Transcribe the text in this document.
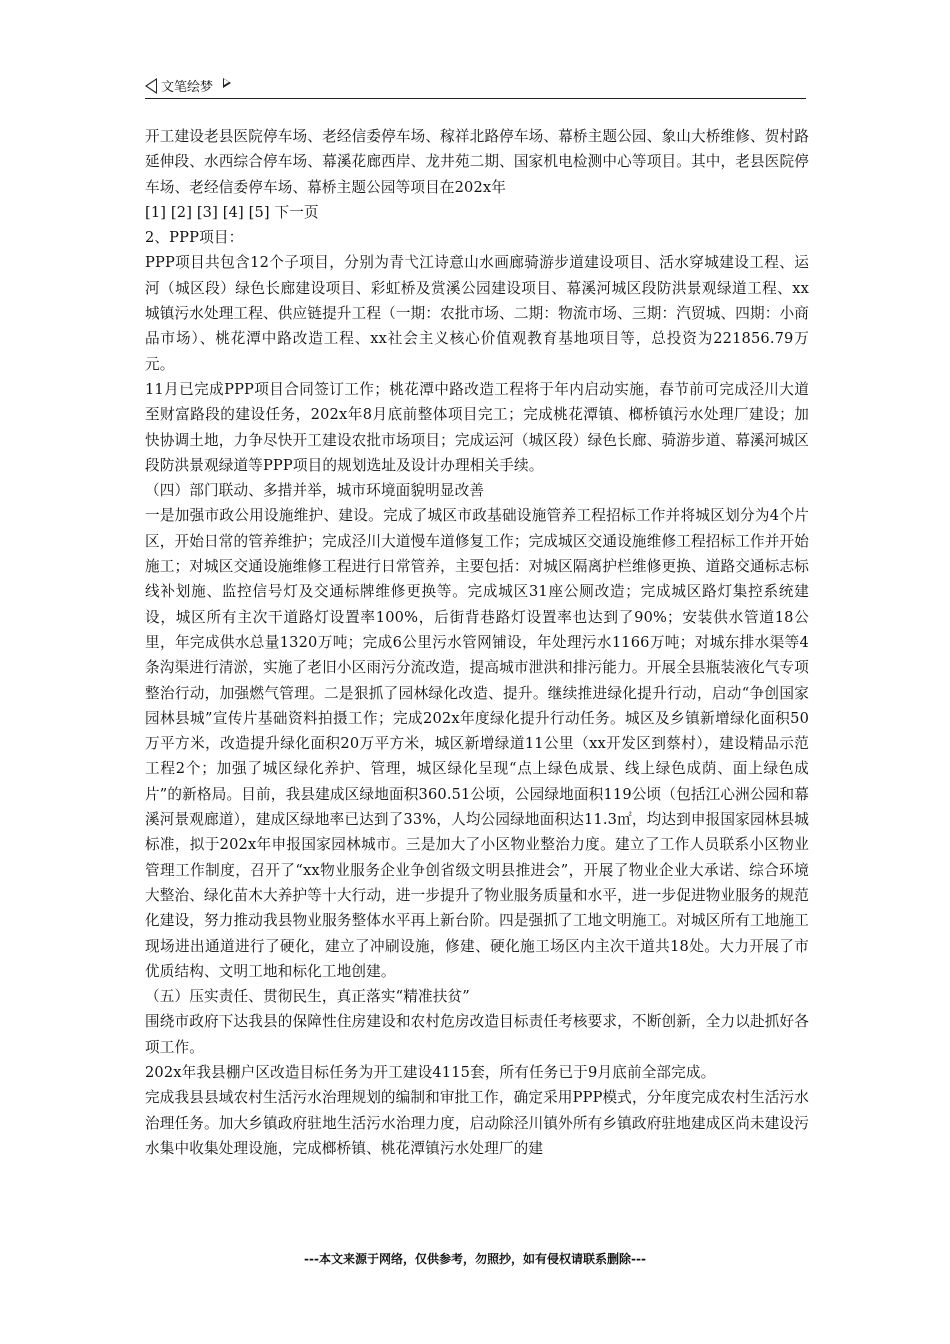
文笔绘梦

开工建设老县医院停车场、老经信委停车场、稼祥北路停车场、幕桥主题公园、象山大桥维修、贺村路延伸段、水西综合停车场、幕溪花廊西岸、龙井苑二期、国家机电检测中心等项目。其中，老县医院停车场、老经信委停车场、幕桥主题公园等项目在202x年

[1] [2] [3] [4] [5] 下一页

2、PPP项目：

PPP项目共包含12个子项目，分别为青弋江诗意山水画廊骑游步道建设项目、活水穿城建设工程、运河（城区段）绿色长廊建设项目、彩虹桥及赏溪公园建设项目、幕溪河城区段防洪景观绿道工程、xx城镇污水处理工程、供应链提升工程（一期：农批市场、二期：物流市场、三期：汽贸城、四期：小商品市场）、桃花潭中路改造工程、xx社会主义核心价值观教育基地项目等，总投资为221856.79万元。

11月已完成PPP项目合同签订工作；桃花潭中路改造工程将于年内启动实施，春节前可完成泾川大道至财富路段的建设任务，202x年8月底前整体项目完工；完成桃花潭镇、榔桥镇污水处理厂建设；加快协调土地，力争尽快开工建设农批市场项目；完成运河（城区段）绿色长廊、骑游步道、幕溪河城区段防洪景观绿道等PPP项目的规划选址及设计办理相关手续。

（四）部门联动、多措并举，城市环境面貌明显改善

一是加强市政公用设施维护、建设。完成了城区市政基础设施管养工程招标工作并将城区划分为4个片区，开始日常的管养维护；完成泾川大道慢车道修复工作；完成城区交通设施维修工程招标工作并开始施工；对城区交通设施维修工程进行日常管养，主要包括：对城区隔离护栏维修更换、道路交通标志标线补划施、监控信号灯及交通标牌维修更换等。完成城区31座公厕改造；完成城区路灯集控系统建设，城区所有主次干道路灯设置率100%，后街背巷路灯设置率也达到了90%；安装供水管道18公里，年完成供水总量1320万吨；完成6公里污水管网铺设，年处理污水1166万吨；对城东排水渠等4条沟渠进行清淤，实施了老旧小区雨污分流改造，提高城市泄洪和排污能力。开展全县瓶装液化气专项整治行动，加强燃气管理。二是狠抓了园林绿化改造、提升。继续推进绿化提升行动，启动“争创国家园林县城”宣传片基础资料拍摄工作；完成202x年度绿化提升行动任务。城区及乡镇新增绿化面积50万平方米，改造提升绿化面积20万平方米，城区新增绿道11公里（xx开发区到蔡村），建设精品示范工程2个；加强了城区绿化养护、管理，城区绿化呈现“点上绿色成景、线上绿色成荫、面上绿色成片”的新格局。目前，我县建成区绿地面积360.51公顷，公园绿地面积119公顷（包括江心洲公园和幕溪河景观廊道），建成区绿地率已达到了33%，人均公园绿地面积达11.3㎡，均达到申报国家园林县城标准，拟于202x年申报国家园林城市。三是加大了小区物业整治力度。建立了工作人员联系小区物业管理工作制度，召开了“xx物业服务企业争创省级文明县推进会”，开展了物业企业大承诺、综合环境大整治、绿化苗木大养护等十大行动，进一步提升了物业服务质量和水平，进一步促进物业服务的规范化建设，努力推动我县物业服务整体水平再上新台阶。四是强抓了工地文明施工。对城区所有工地施工现场进出通道进行了硬化，建立了冲刷设施，修建、硬化施工场区内主次干道共18处。大力开展了市优质结构、文明工地和标化工地创建。

（五）压实责任、贯彻民生，真正落实“精准扶贫”

围绕市政府下达我县的保障性住房建设和农村危房改造目标责任考核要求，不断创新，全力以赴抓好各项工作。

202x年我县棚户区改造目标任务为开工建设4115套，所有任务已于9月底前全部完成。

完成我县县域农村生活污水治理规划的编制和审批工作，确定采用PPP模式，分年度完成农村生活污水治理任务。加大乡镇政府驻地生活污水治理力度，启动除泾川镇外所有乡镇政府驻地建成区尚未建设污水集中收集处理设施，完成榔桥镇、桃花潭镇污水处理厂的建

---本文来源于网络，仅供参考，勿照抄，如有侵权请联系删除---
